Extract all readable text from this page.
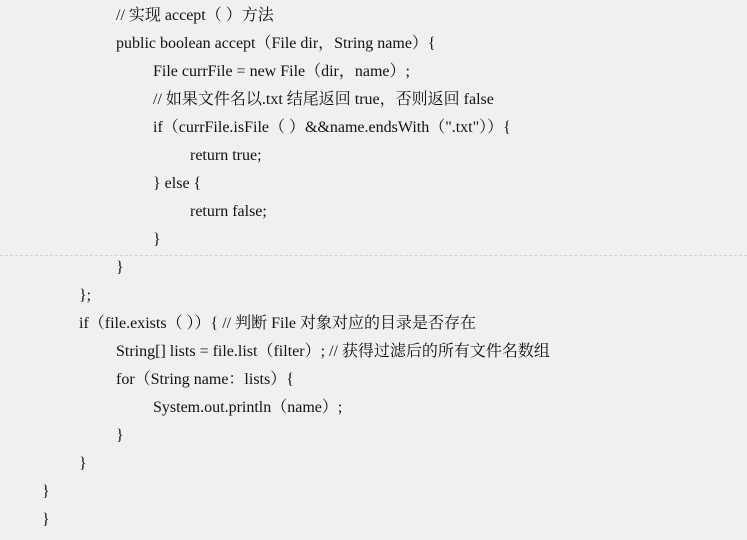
// 实现 accept（ ）方法
public boolean accept（File dir，String name）{
File currFile = new File（dir，name）;
// 如果文件名以.txt 结尾返回 true，否则返回 false
if（currFile.isFile（ ）&&name.endsWith（".txt"））{
return true;
} else {
return false;
}
}
};
if（file.exists（ ））{ // 判断 File 对象对应的目录是否存在
String[] lists = file.list（filter）; // 获得过滤后的所有文件名数组
for（String name：lists）{
System.out.println（name）;
}
}
}
}
